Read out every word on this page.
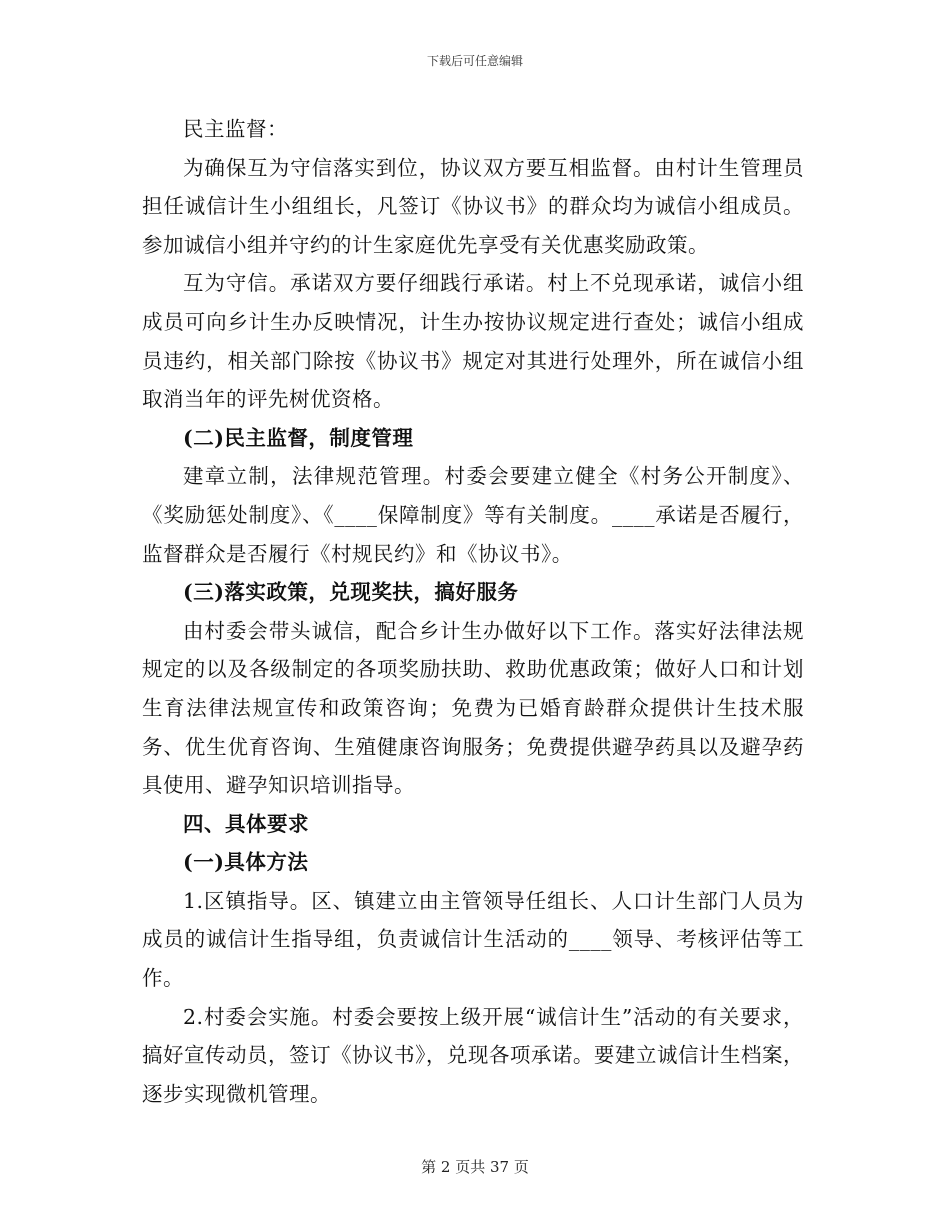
下载后可任意编辑

民主监督：

为确保互为守信落实到位，协议双方要互相监督。由村计生管理员担任诚信计生小组组长，凡签订《协议书》的群众均为诚信小组成员。参加诚信小组并守约的计生家庭优先享受有关优惠奖励政策。

互为守信。承诺双方要仔细践行承诺。村上不兑现承诺，诚信小组成员可向乡计生办反映情况，计生办按协议规定进行查处；诚信小组成员违约，相关部门除按《协议书》规定对其进行处理外，所在诚信小组取消当年的评先树优资格。

(二)民主监督，制度管理

建章立制，法律规范管理。村委会要建立健全《村务公开制度》、《奖励惩处制度》、《____保障制度》等有关制度。____承诺是否履行，监督群众是否履行《村规民约》和《协议书》。

(三)落实政策，兑现奖扶，搞好服务

由村委会带头诚信，配合乡计生办做好以下工作。落实好法律法规规定的以及各级制定的各项奖励扶助、救助优惠政策；做好人口和计划生育法律法规宣传和政策咨询；免费为已婚育龄群众提供计生技术服务、优生优育咨询、生殖健康咨询服务；免费提供避孕药具以及避孕药具使用、避孕知识培训指导。

四、具体要求

(一)具体方法

1.区镇指导。区、镇建立由主管领导任组长、人口计生部门人员为成员的诚信计生指导组，负责诚信计生活动的____领导、考核评估等工作。

2.村委会实施。村委会要按上级开展“诚信计生”活动的有关要求，搞好宣传动员，签订《协议书》，兑现各项承诺。要建立诚信计生档案，逐步实现微机管理。

第 2 页共 37 页
